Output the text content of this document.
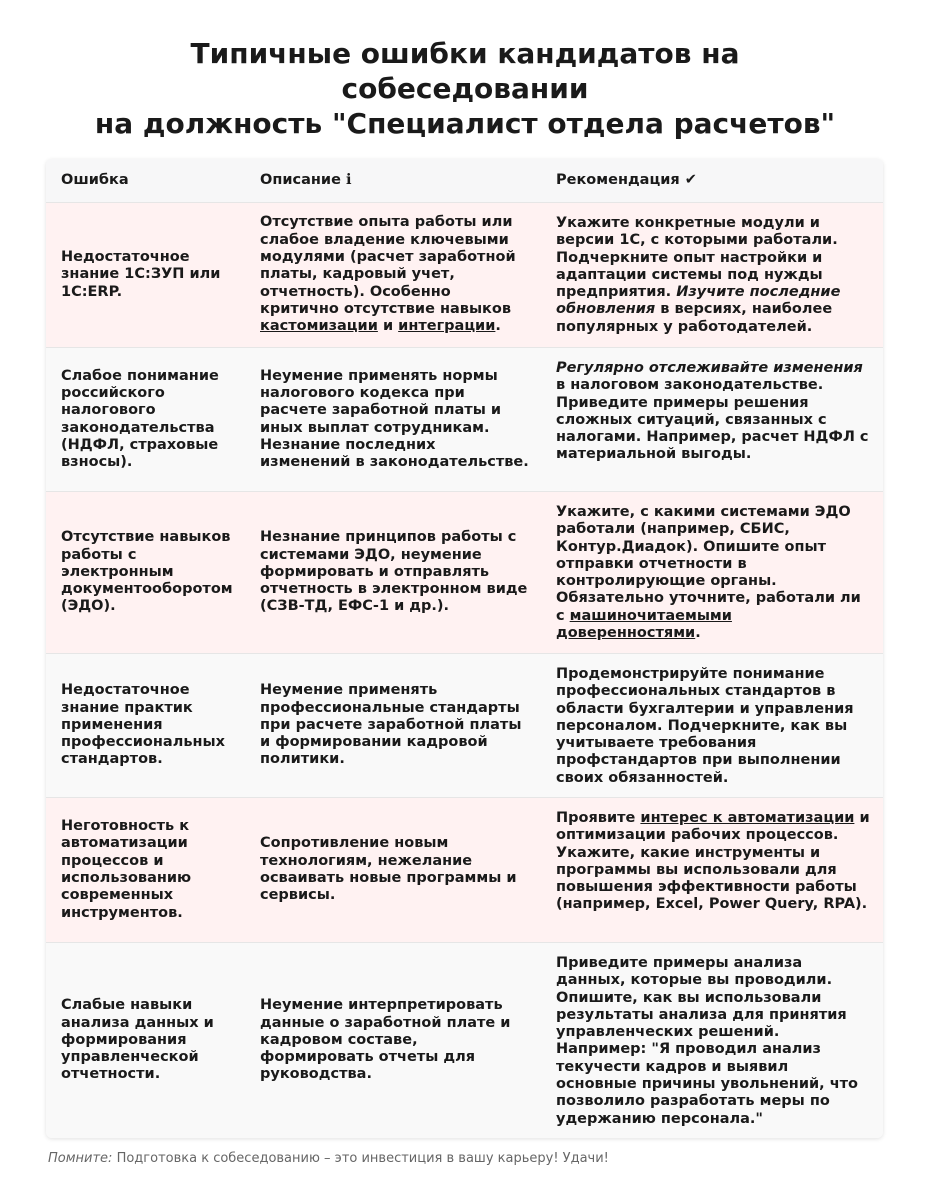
Типичные ошибки кандидатов на
собеседовании
на должность "Специалист отдела расчетов"
Ошибка	Описание ℹ	Рекомендация ✔
Недостаточное знание 1С:ЗУП или 1С:ERP.
Отсутствие опыта работы или слабое владение ключевыми модулями (расчет заработной платы, кадровый учет, отчетность). Особенно критично отсутствие навыков кастомизации и интеграции.
Укажите конкретные модули и версии 1С, с которыми работали. Подчеркните опыт настройки и адаптации системы под нужды предприятия. Изучите последние обновления в версиях, наиболее популярных у работодателей.
Слабое понимание российского налогового законодательства (НДФЛ, страховые взносы).
Неумение применять нормы налогового кодекса при расчете заработной платы и иных выплат сотрудникам. Незнание последних изменений в законодательстве.
Регулярно отслеживайте изменения в налоговом законодательстве. Приведите примеры решения сложных ситуаций, связанных с налогами. Например, расчет НДФЛ с материальной выгоды.
Отсутствие навыков работы с электронным документооборотом (ЭДО).
Незнание принципов работы с системами ЭДО, неумение формировать и отправлять отчетность в электронном виде (СЗВ-ТД, ЕФС-1 и др.).
Укажите, с какими системами ЭДО работали (например, СБИС, Контур.Диадок). Опишите опыт отправки отчетности в контролирующие органы. Обязательно уточните, работали ли с машиночитаемыми доверенностями.
Недостаточное знание практик применения профессиональных стандартов.
Неумение применять профессиональные стандарты при расчете заработной платы и формировании кадровой политики.
Продемонстрируйте понимание профессиональных стандартов в области бухгалтерии и управления персоналом. Подчеркните, как вы учитываете требования профстандартов при выполнении своих обязанностей.
Неготовность к автоматизации процессов и использованию современных инструментов.
Сопротивление новым технологиям, нежелание осваивать новые программы и сервисы.
Проявите интерес к автоматизации и оптимизации рабочих процессов. Укажите, какие инструменты и программы вы использовали для повышения эффективности работы (например, Excel, Power Query, RPA).
Слабые навыки анализа данных и формирования управленческой отчетности.
Неумение интерпретировать данные о заработной плате и кадровом составе, формировать отчеты для руководства.
Приведите примеры анализа данных, которые вы проводили. Опишите, как вы использовали результаты анализа для принятия управленческих решений. Например: "Я проводил анализ текучести кадров и выявил основные причины увольнений, что позволило разработать меры по удержанию персонала."
Помните: Подготовка к собеседованию – это инвестиция в вашу карьеру! Удачи!
